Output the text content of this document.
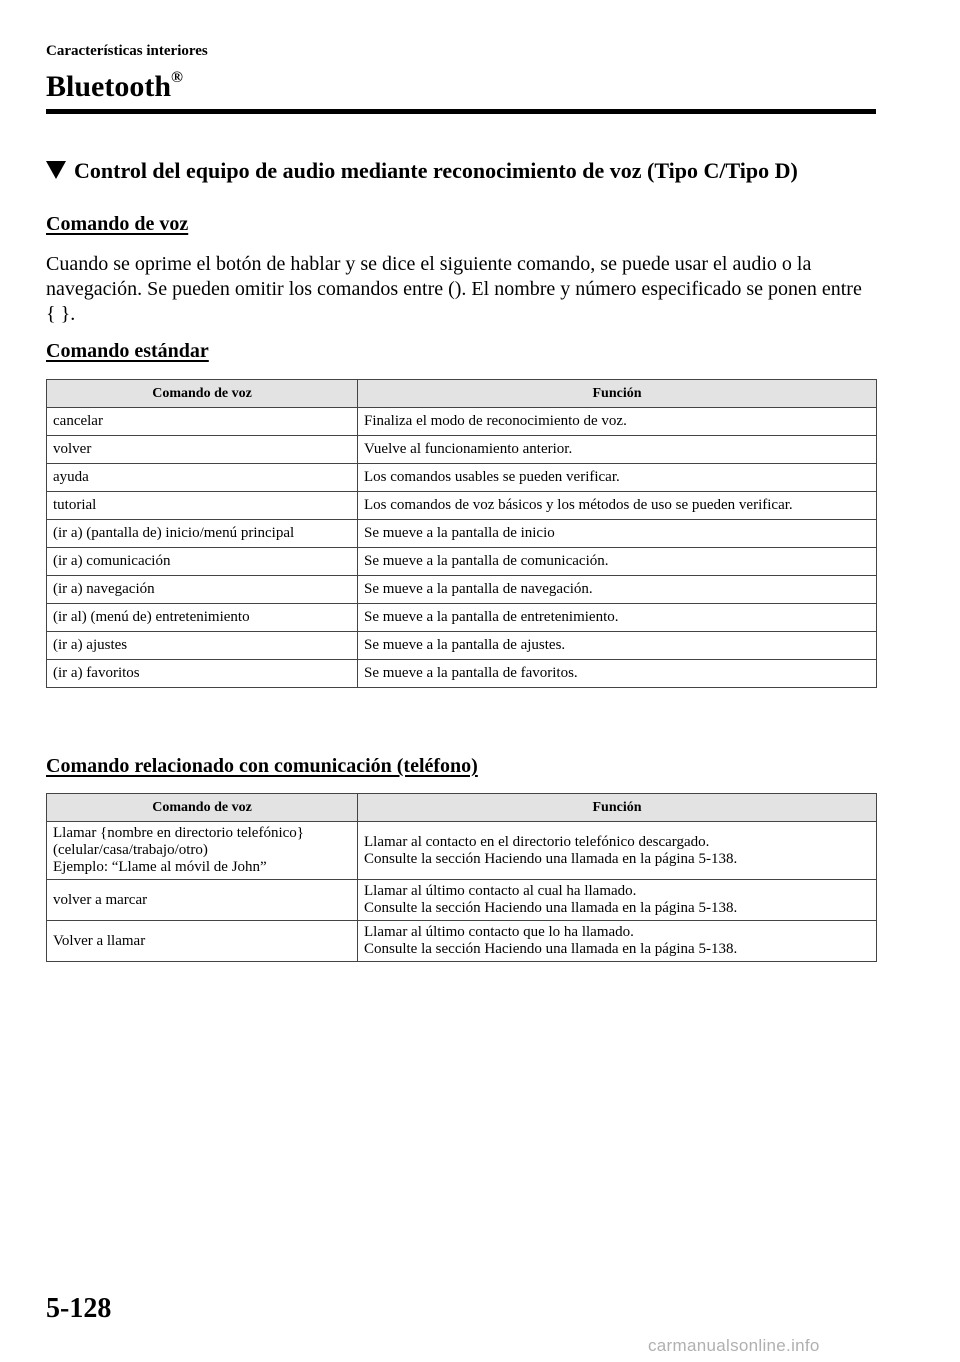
Características interiores
Bluetooth®
Control del equipo de audio mediante reconocimiento de voz (Tipo C/Tipo D)
Comando de voz

Cuando se oprime el botón de hablar y se dice el siguiente comando, se puede usar el audio o la navegación. Se pueden omitir los comandos entre (). El nombre y número especificado se ponen entre { }.

Comando estándar
Comando de voz	Función
cancelar	Finaliza el modo de reconocimiento de voz.
volver	Vuelve al funcionamiento anterior.
ayuda	Los comandos usables se pueden verificar.
tutorial	Los comandos de voz básicos y los métodos de uso se pueden verificar.
(ir a) (pantalla de) inicio/menú principal	Se mueve a la pantalla de inicio
(ir a) comunicación	Se mueve a la pantalla de comunicación.
(ir a) navegación	Se mueve a la pantalla de navegación.
(ir al) (menú de) entretenimiento	Se mueve a la pantalla de entretenimiento.
(ir a) ajustes	Se mueve a la pantalla de ajustes.
(ir a) favoritos	Se mueve a la pantalla de favoritos.
Comando relacionado con comunicación (teléfono)
Comando de voz	Función
Llamar {nombre en directorio telefónico}
(celular/casa/trabajo/otro)
Ejemplo: “Llame al móvil de John”	Llamar al contacto en el directorio telefónico descargado.
Consulte la sección Haciendo una llamada en la página 5-138.
volver a marcar	Llamar al último contacto al cual ha llamado.
Consulte la sección Haciendo una llamada en la página 5-138.
Volver a llamar	Llamar al último contacto que lo ha llamado.
Consulte la sección Haciendo una llamada en la página 5-138.
5-128
carmanualsonline.info
